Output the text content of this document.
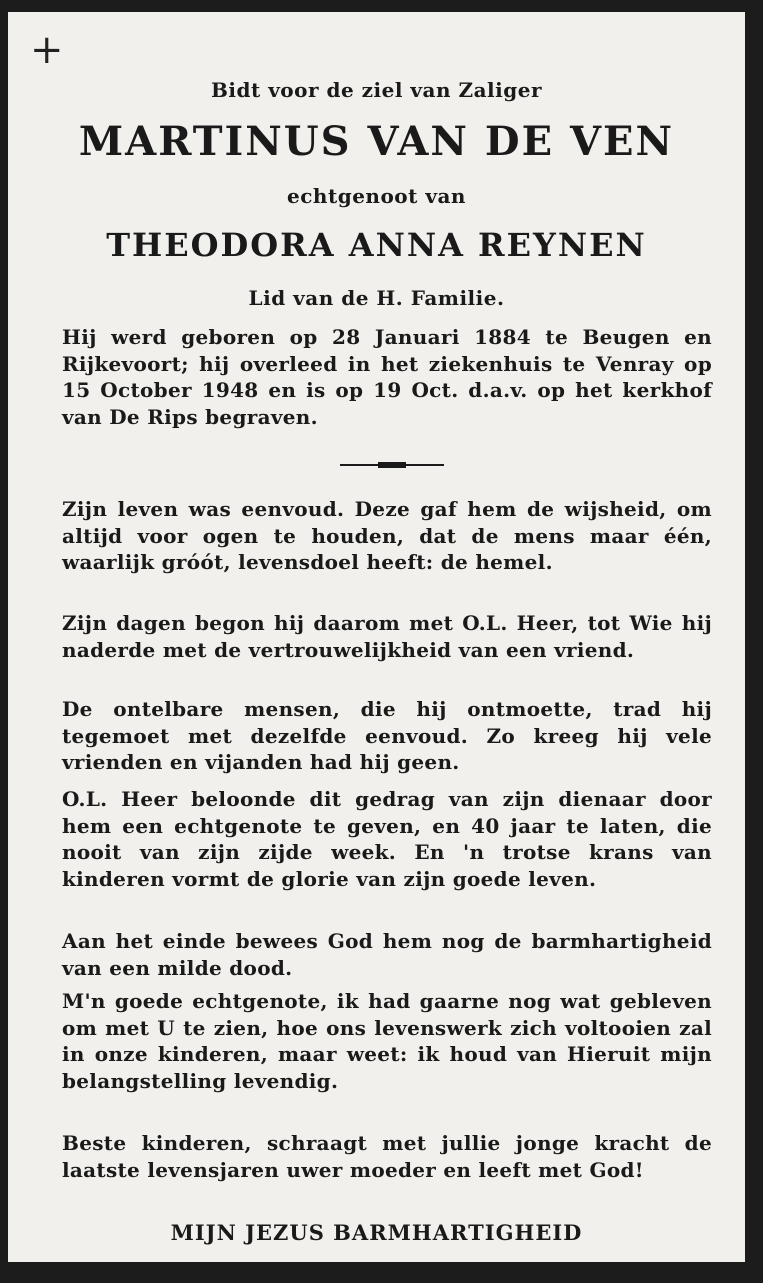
+
Bidt voor de ziel van Zaliger
MARTINUS VAN DE VEN
echtgenoot van
THEODORA ANNA REYNEN
Lid van de H. Familie.
Hij werd geboren op 28 Januari 1884 te Beugen en Rijkevoort; hij overleed in het ziekenhuis te Venray op 15 October 1948 en is op 19 Oct. d.a.v. op het kerkhof van De Rips begraven.
Zijn leven was eenvoud. Deze gaf hem de wijsheid, om altijd voor ogen te houden, dat de mens maar één, waarlijk gróót, levensdoel heeft: de hemel.
Zijn dagen begon hij daarom met O.L. Heer, tot Wie hij naderde met de vertrouwelijkheid van een vriend.
De ontelbare mensen, die hij ontmoette, trad hij tegemoet met dezelfde eenvoud. Zo kreeg hij vele vrienden en vijanden had hij geen.
O.L. Heer beloonde dit gedrag van zijn dienaar door hem een echtgenote te geven, en 40 jaar te laten, die nooit van zijn zijde week. En 'n trotse krans van kinderen vormt de glorie van zijn goede leven.
Aan het einde bewees God hem nog de barmhartigheid van een milde dood.
M'n goede echtgenote, ik had gaarne nog wat gebleven om met U te zien, hoe ons levenswerk zich voltooien zal in onze kinderen, maar weet: ik houd van Hieruit mijn belangstelling levendig.
Beste kinderen, schraagt met jullie jonge kracht de laatste levensjaren uwer moeder en leeft met God!
MIJN JEZUS BARMHARTIGHEID
